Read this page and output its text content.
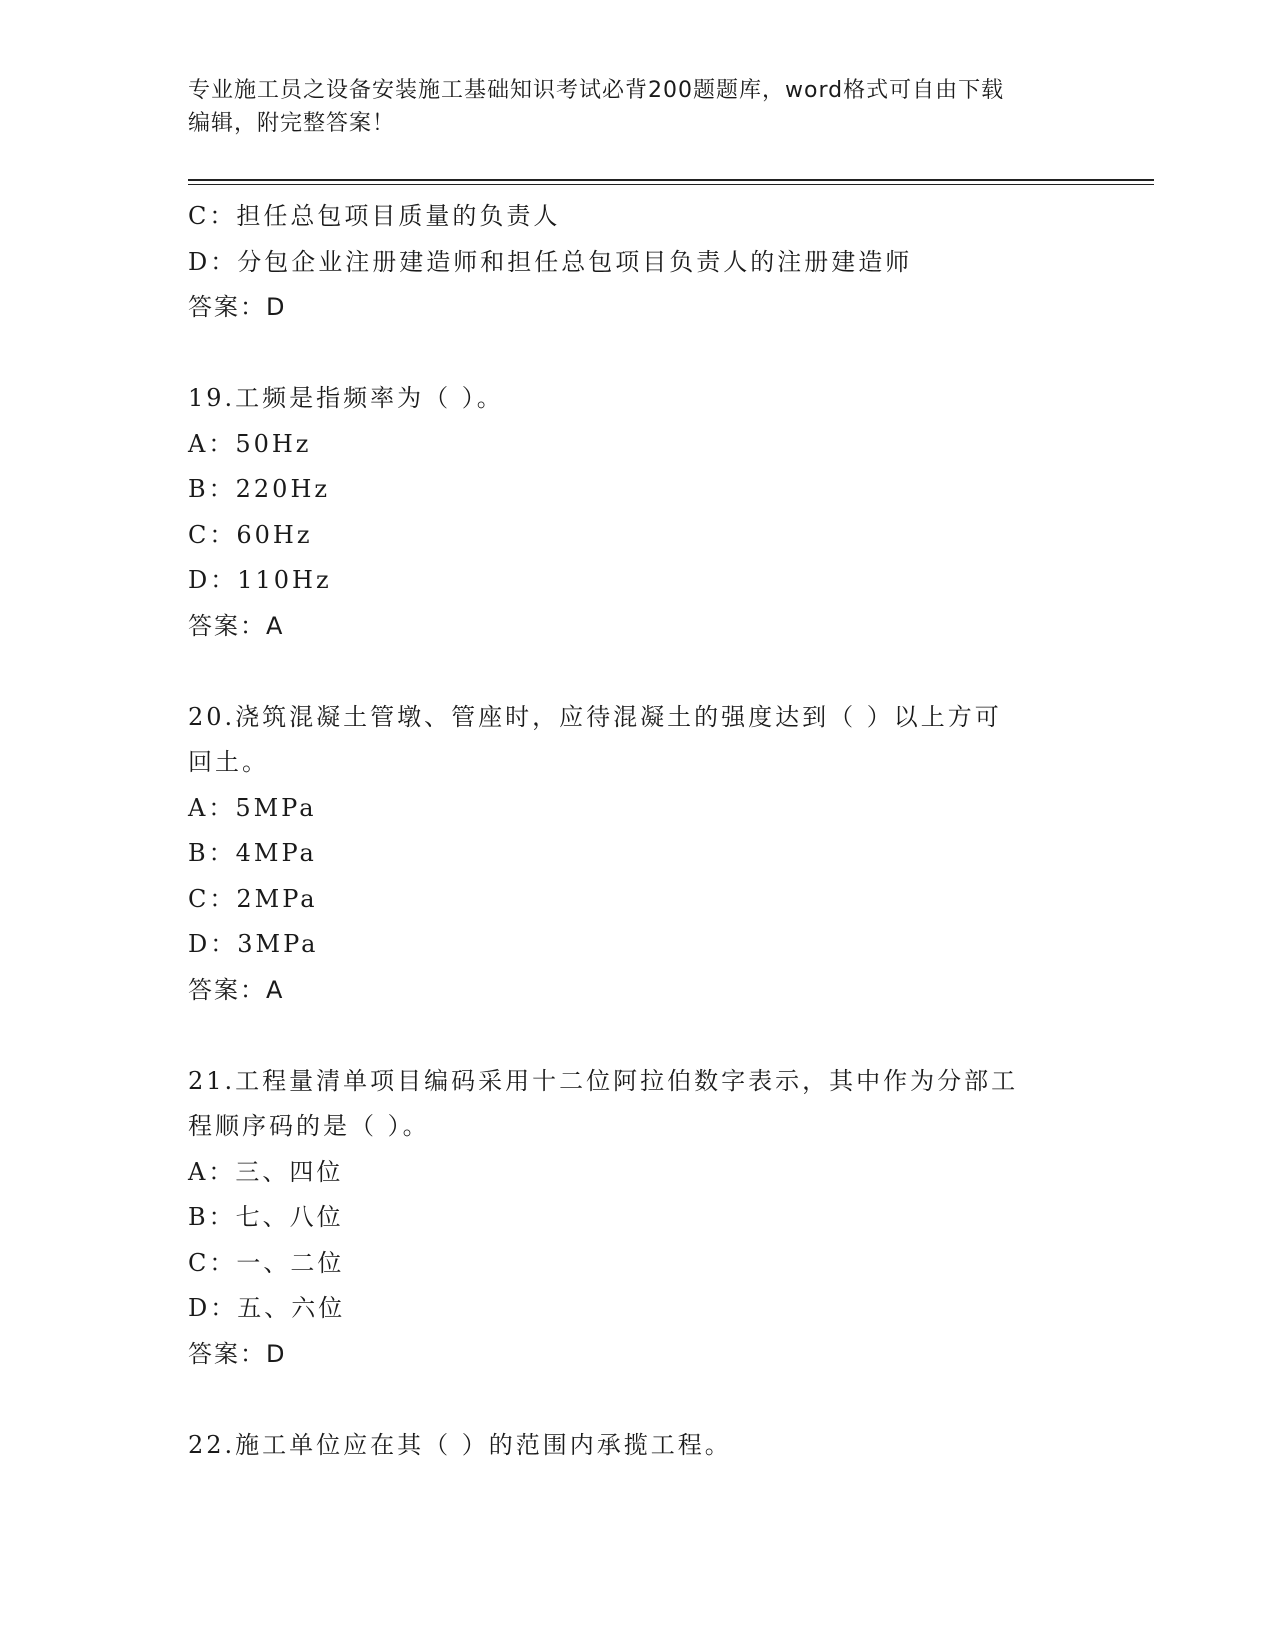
专业施工员之设备安装施工基础知识考试必背200题题库，word格式可自由下载
编辑，附完整答案！
C：担任总包项目质量的负责人
D：分包企业注册建造师和担任总包项目负责人的注册建造师
答案：D
19.工频是指频率为（ ）。
A：50Hz
B：220Hz
C：60Hz
D：110Hz
答案：A
20.浇筑混凝土管墩、管座时，应待混凝土的强度达到（ ）以上方可
回土。
A：5MPa
B：4MPa
C：2MPa
D：3MPa
答案：A
21.工程量清单项目编码采用十二位阿拉伯数字表示，其中作为分部工
程顺序码的是（ ）。
A：三、四位
B：七、八位
C：一、二位
D：五、六位
答案：D
22.施工单位应在其（ ）的范围内承揽工程。
